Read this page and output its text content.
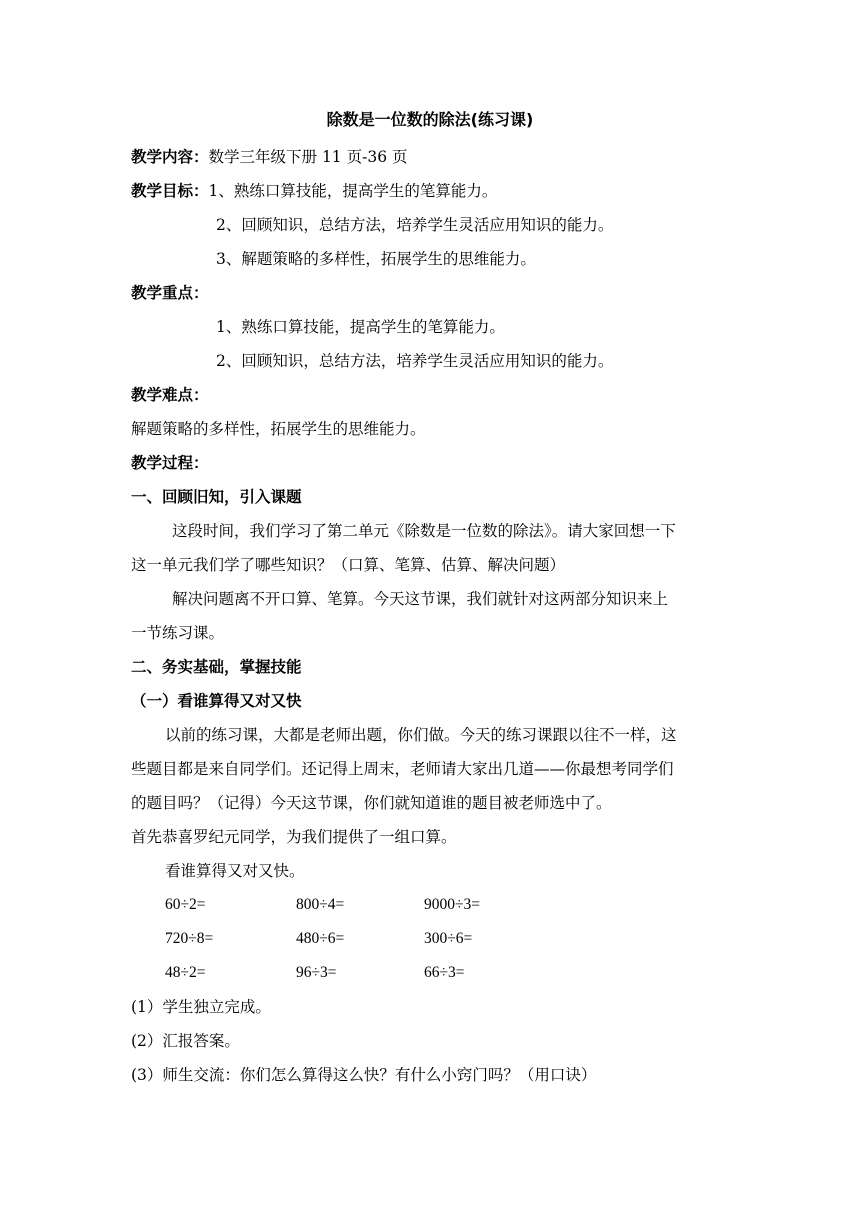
除数是一位数的除法(练习课)
教学内容：数学三年级下册 11 页-36 页
教学目标：1、熟练口算技能，提高学生的笔算能力。
2、回顾知识，总结方法，培养学生灵活应用知识的能力。
3、解题策略的多样性，拓展学生的思维能力。
教学重点：
1、熟练口算技能，提高学生的笔算能力。
2、回顾知识，总结方法，培养学生灵活应用知识的能力。
教学难点：
解题策略的多样性，拓展学生的思维能力。
教学过程：
一、回顾旧知，引入课题
这段时间，我们学习了第二单元《除数是一位数的除法》。请大家回想一下
这一单元我们学了哪些知识？（口算、笔算、估算、解决问题）
解决问题离不开口算、笔算。今天这节课，我们就针对这两部分知识来上
一节练习课。
二、务实基础，掌握技能
（一）看谁算得又对又快
以前的练习课，大都是老师出题，你们做。今天的练习课跟以往不一样，这
些题目都是来自同学们。还记得上周末，老师请大家出几道——你最想考同学们
的题目吗？（记得）今天这节课，你们就知道谁的题目被老师选中了。
首先恭喜罗纪元同学，为我们提供了一组口算。
看谁算得又对又快。
60÷2=	800÷4=	9000÷3=
720÷8=	480÷6=	300÷6=
48÷2=	96÷3=	66÷3=
(1）学生独立完成。
(2）汇报答案。
(3）师生交流：你们怎么算得这么快？有什么小窍门吗？（用口诀）
